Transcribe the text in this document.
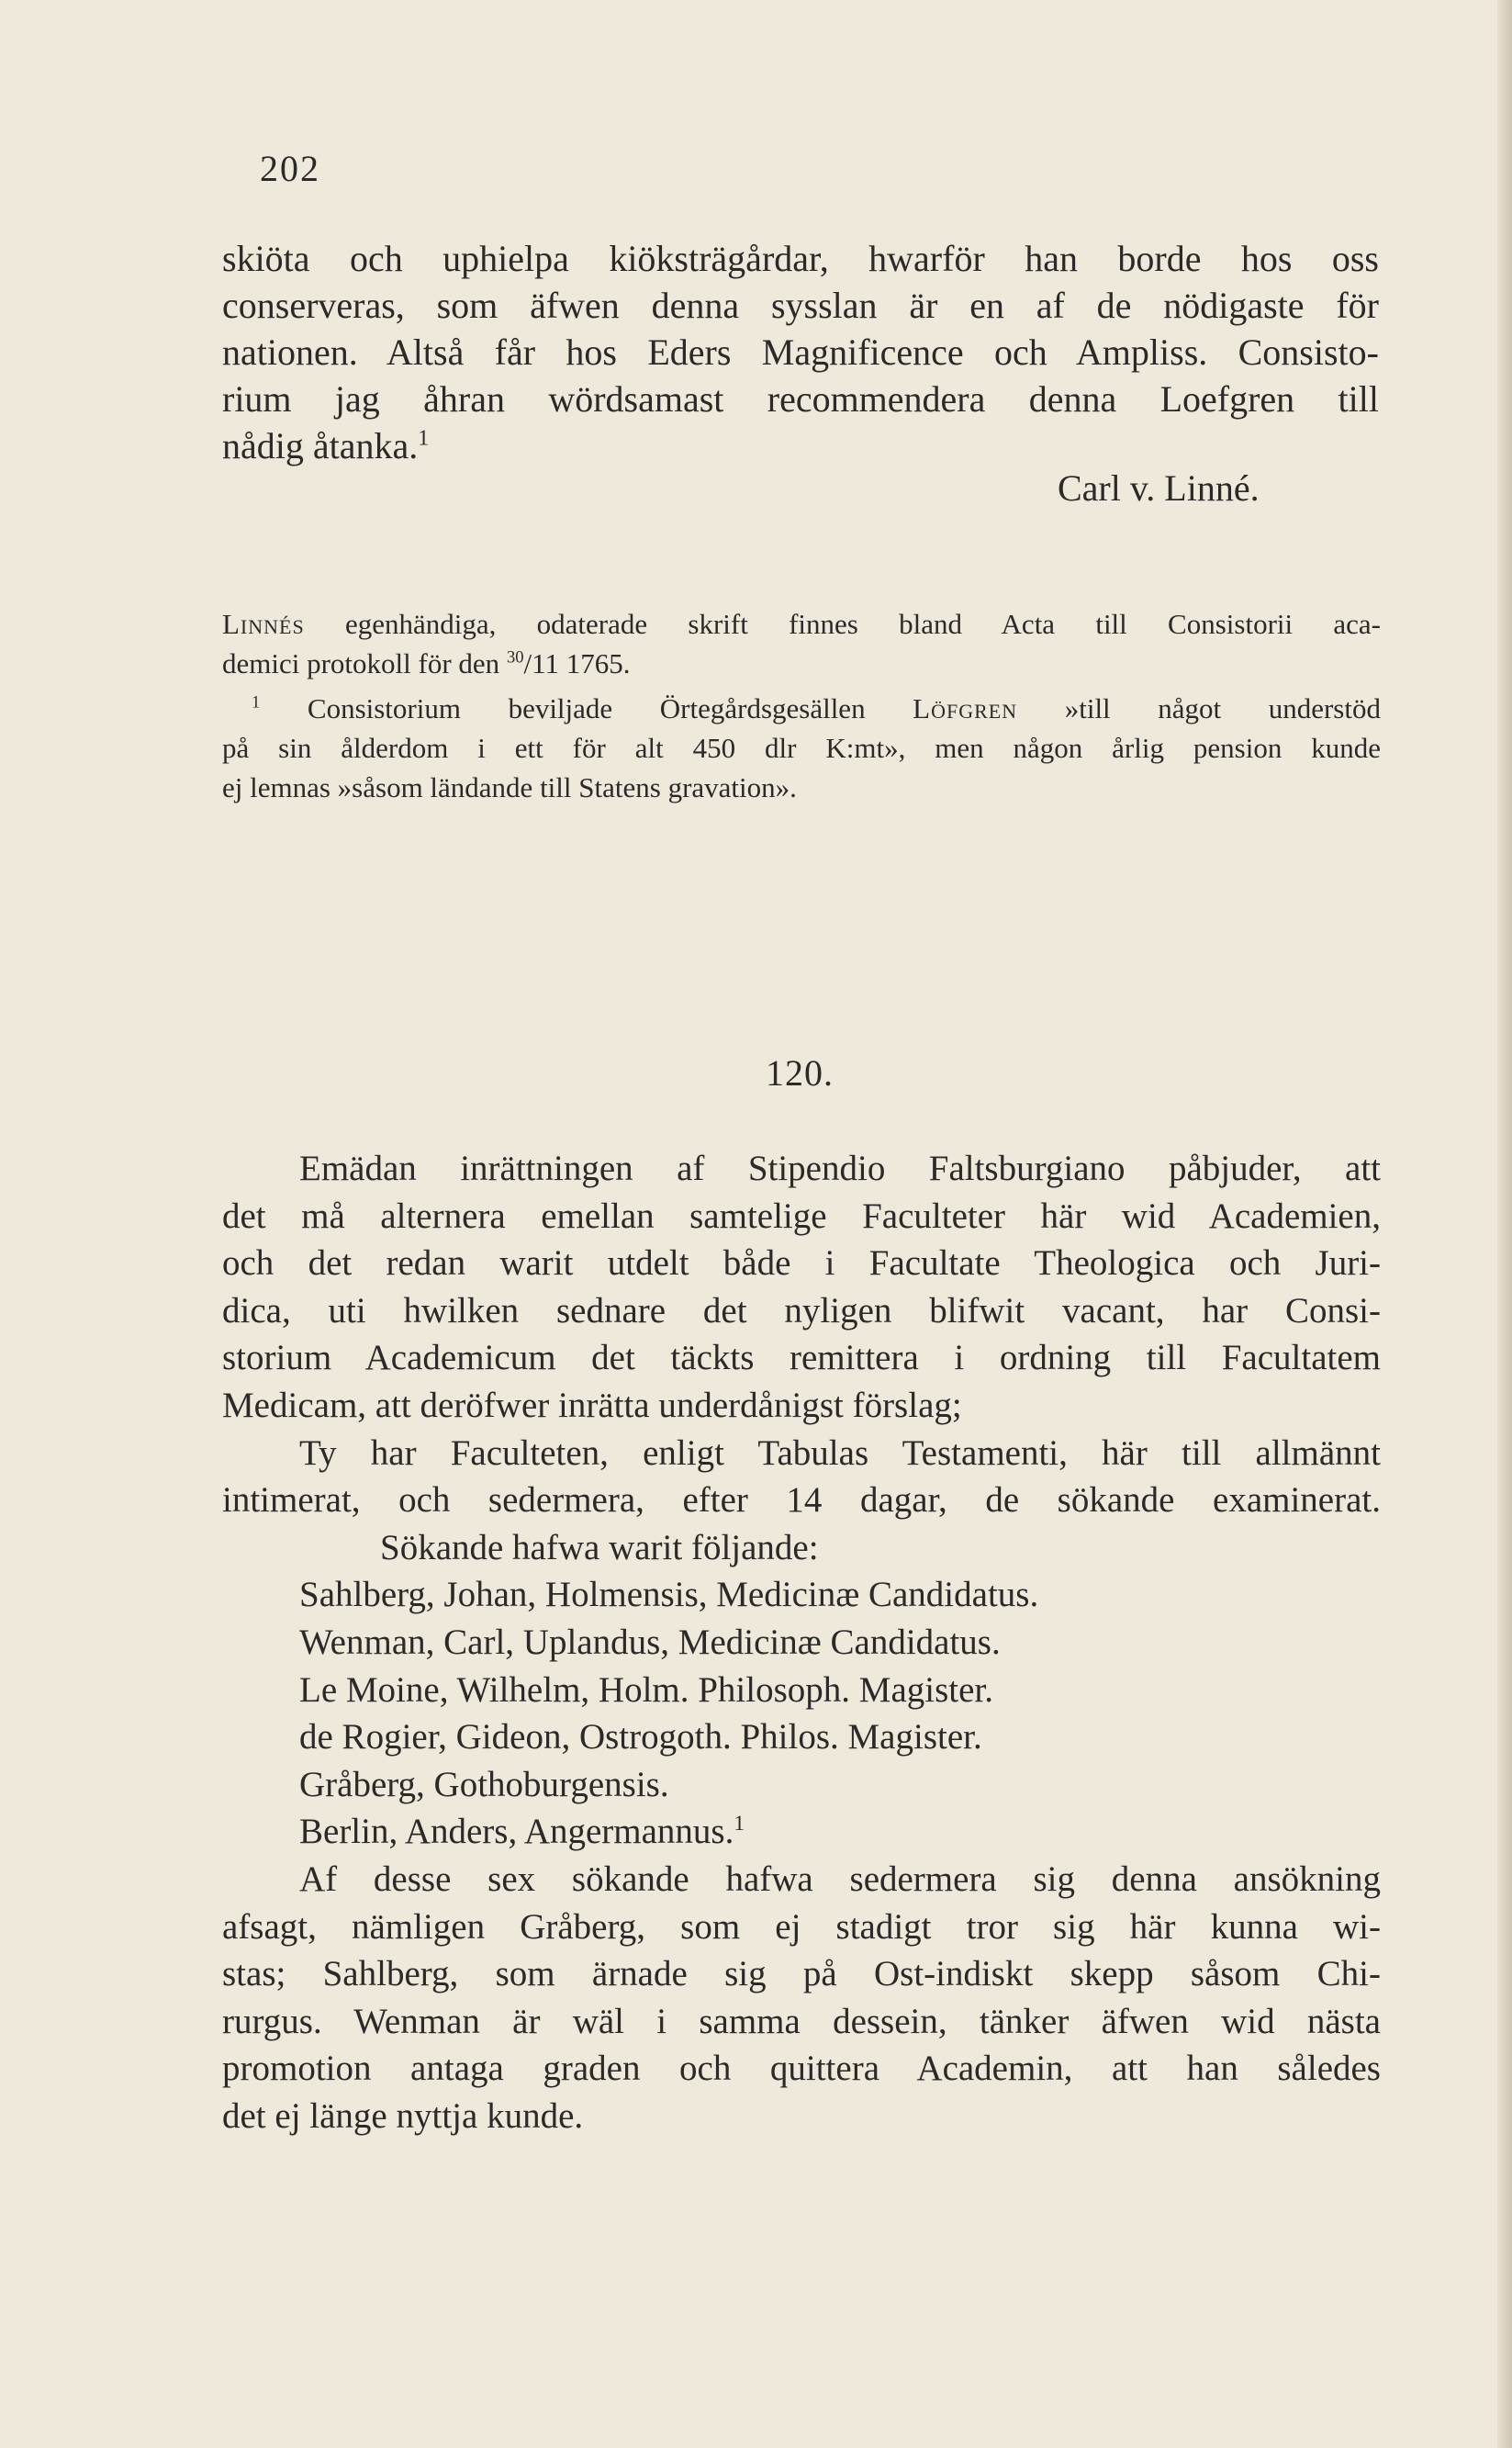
202
skiöta och uphielpa kiöksträgårdar, hwarför han borde hos oss
conserveras, som äfwen denna sysslan är en af de nödigaste för
nationen. Altså får hos Eders Magnificence och Ampliss. Consisto-
rium jag åhran wördsamast recommendera denna Loefgren till
nådig åtanka.$^1$
Carl v. Linné.
Linnés egenhändiga, odaterade skrift finnes bland Acta till Consistorii aca-
demici protokoll för den $^{30}$/11 1765.
$^1$ Consistorium beviljade Örtegårdsgesällen Löfgren »till något understöd
på sin ålderdom i ett för alt 450 dlr K:mt», men någon årlig pension kunde
ej lemnas »såsom ländande till Statens gravation».
120.
Emädan inrättningen af Stipendio Faltsburgiano påbjuder, att
det må alternera emellan samtelige Faculteter här wid Academien,
och det redan warit utdelt både i Facultate Theologica och Juri-
dica, uti hwilken sednare det nyligen blifwit vacant, har Consi-
storium Academicum det täckts remittera i ordning till Facultatem
Medicam, att deröfwer inrätta underdånigst förslag;
Ty har Faculteten, enligt Tabulas Testamenti, här till allmännt
intimerat, och sedermera, efter 14 dagar, de sökande examinerat.
Sökande hafwa warit följande:
Sahlberg, Johan, Holmensis, Medicinæ Candidatus.
Wenman, Carl, Uplandus, Medicinæ Candidatus.
Le Moine, Wilhelm, Holm. Philosoph. Magister.
de Rogier, Gideon, Ostrogoth. Philos. Magister.
Gråberg, Gothoburgensis.
Berlin, Anders, Angermannus.$^1$
Af desse sex sökande hafwa sedermera sig denna ansökning
afsagt, nämligen Gråberg, som ej stadigt tror sig här kunna wi-
stas; Sahlberg, som ärnade sig på Ost-indiskt skepp såsom Chi-
rurgus. Wenman är wäl i samma dessein, tänker äfwen wid nästa
promotion antaga graden och quittera Academin, att han således
det ej länge nyttja kunde.
